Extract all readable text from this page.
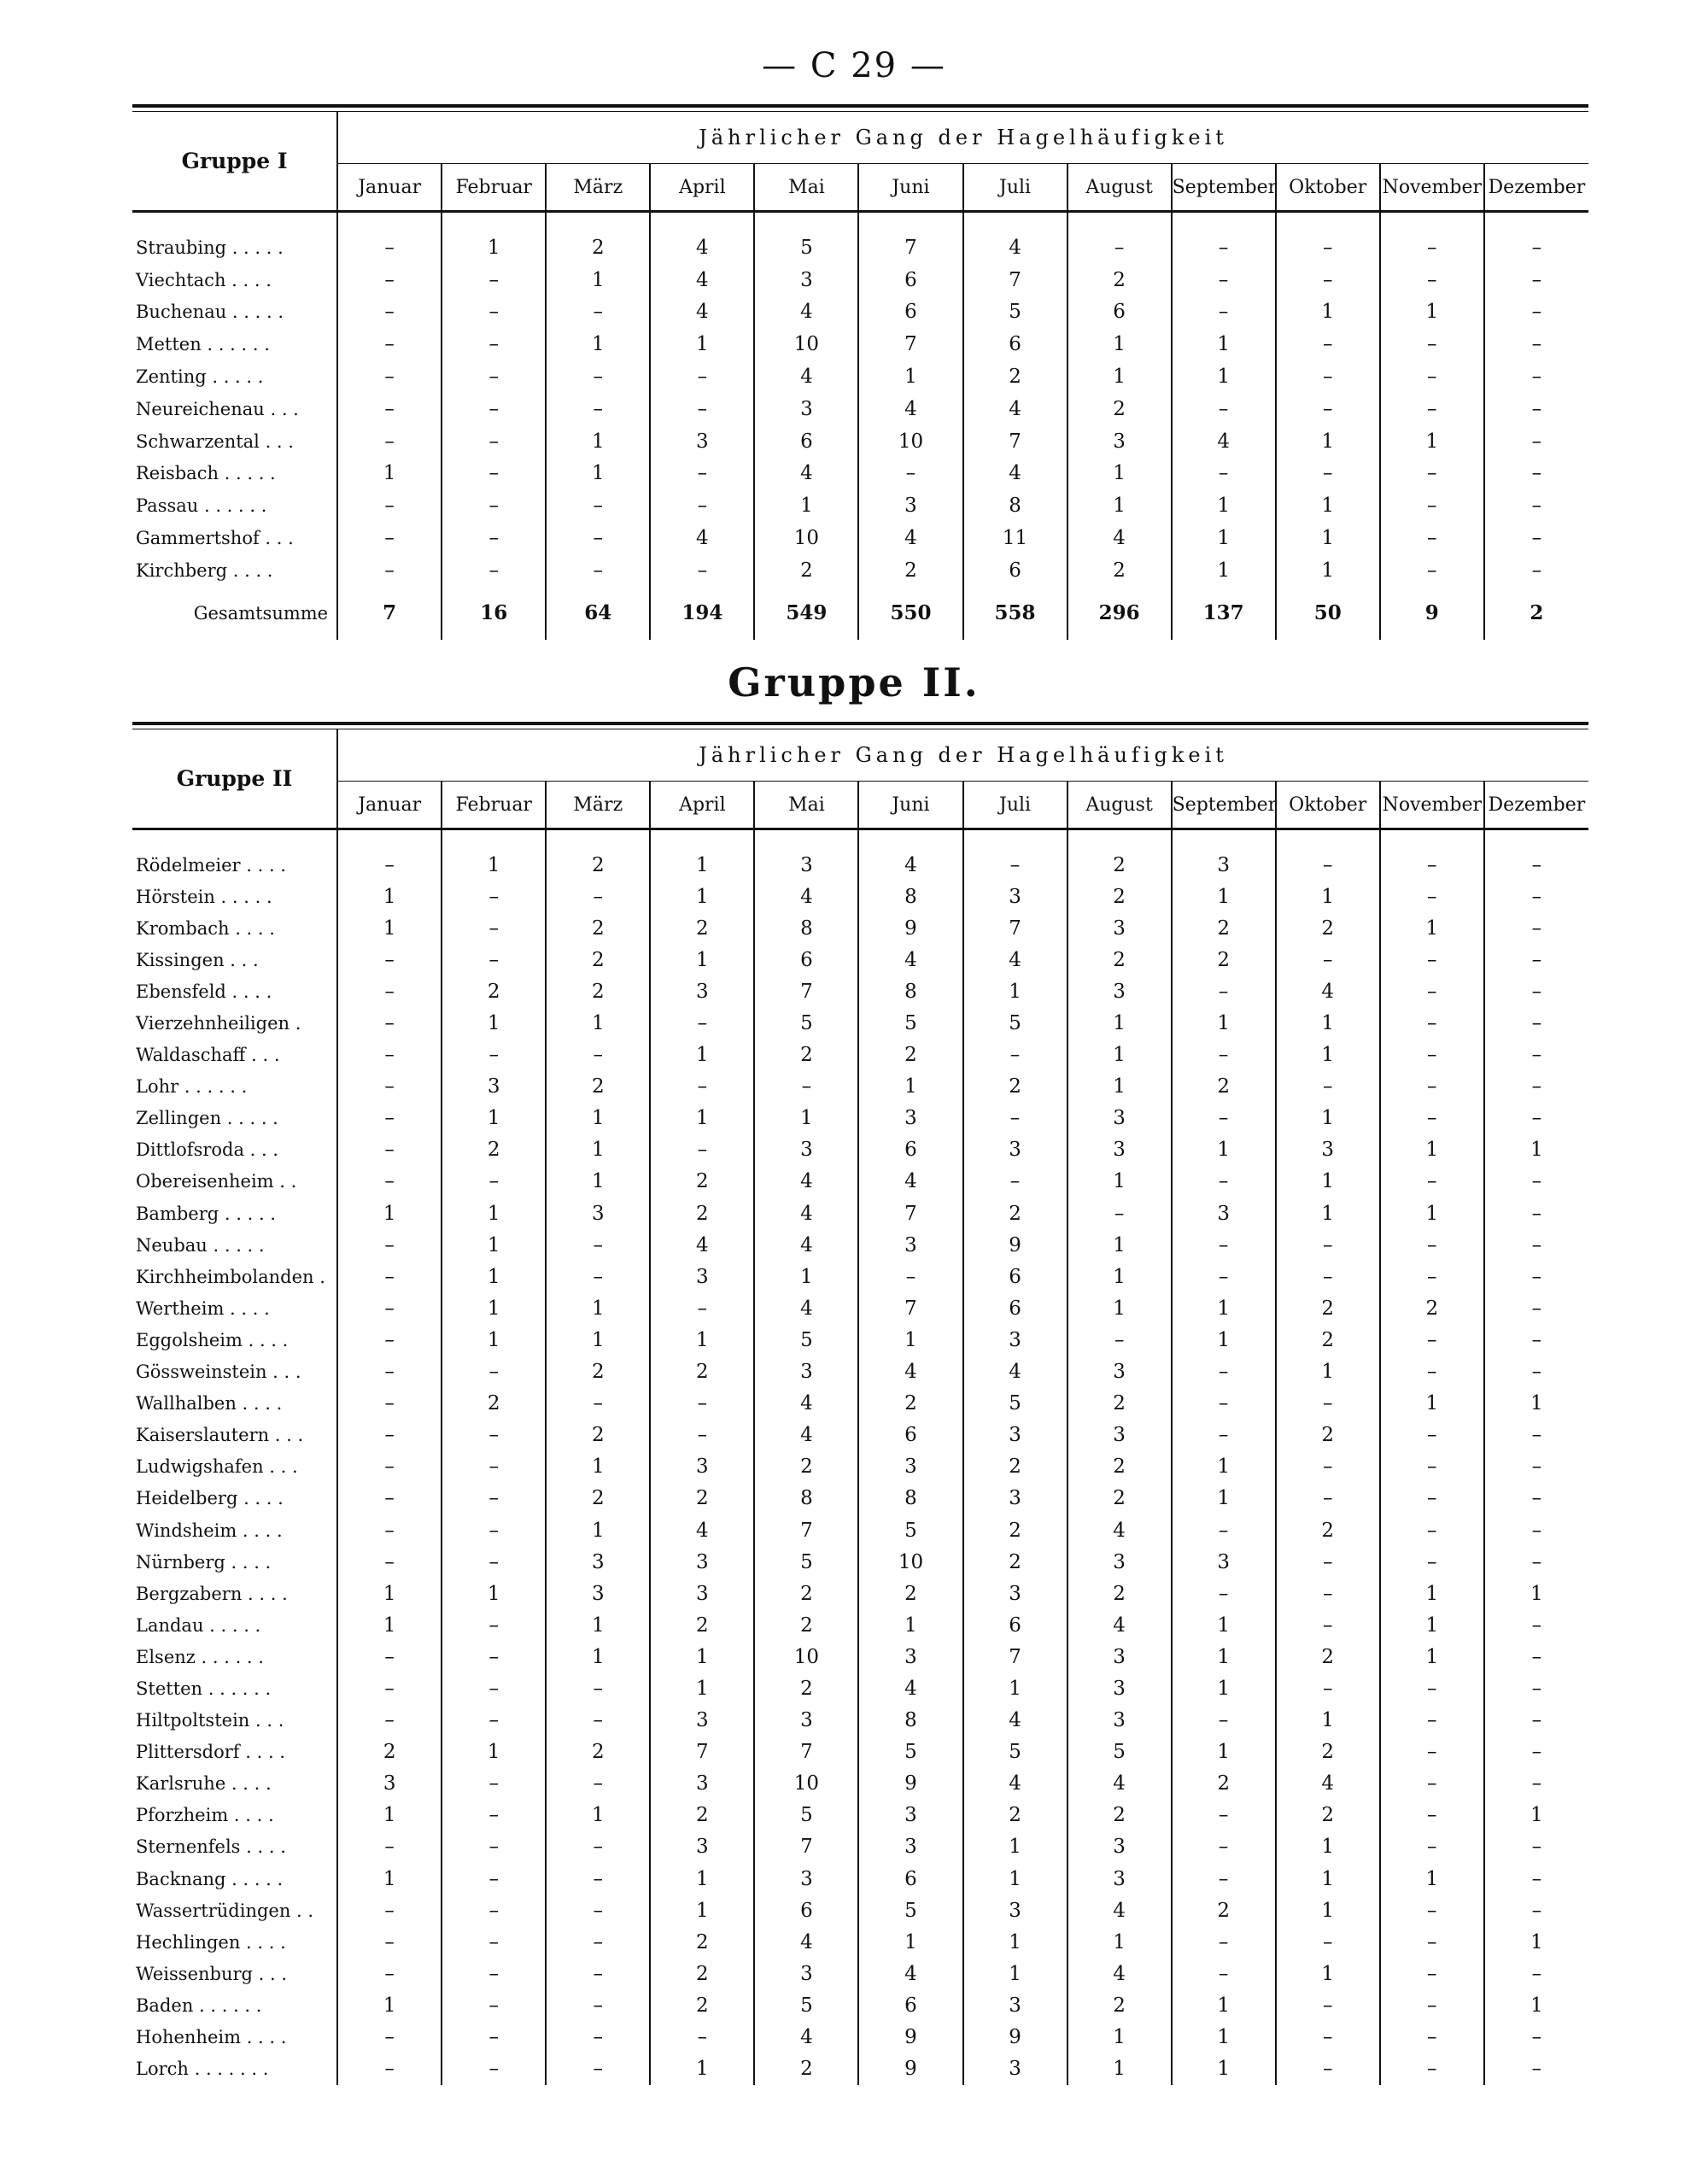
— C 29 —
Gruppe I	Jährlicher Gang der Hagelhäufigkeit											
	Januar	Februar	März	April	Mai	Juni	Juli	August	September	Oktober	November	Dezember

Straubing . . . . .	–	1	2	4	5	7	4	–	–	–	–	–
Viechtach . . . .	–	–	1	4	3	6	7	2	–	–	–	–
Buchenau . . . . .	–	–	–	4	4	6	5	6	–	1	1	–
Metten . . . . . .	–	–	1	1	10	7	6	1	1	–	–	–
Zenting . . . . .	–	–	–	–	4	1	2	1	1	–	–	–
Neureichenau . . .	–	–	–	–	3	4	4	2	–	–	–	–
Schwarzental . . .	–	–	1	3	6	10	7	3	4	1	1	–
Reisbach . . . . .	1	–	1	–	4	–	4	1	–	–	–	–
Passau . . . . . .	–	–	–	–	1	3	8	1	1	1	–	–
Gammertshof . . .	–	–	–	4	10	4	11	4	1	1	–	–
Kirchberg . . . .	–	–	–	–	2	2	6	2	1	1	–	–
Gesamtsumme	7	16	64	194	549	550	558	296	137	50	9	2
Gruppe II.
Gruppe II	Jährlicher Gang der Hagelhäufigkeit											
	Januar	Februar	März	April	Mai	Juni	Juli	August	September	Oktober	November	Dezember

Rödelmeier . . . .	–	1	2	1	3	4	–	2	3	–	–	–
Hörstein . . . . .	1	–	–	1	4	8	3	2	1	1	–	–
Krombach . . . .	1	–	2	2	8	9	7	3	2	2	1	–
Kissingen . . .	–	–	2	1	6	4	4	2	2	–	–	–
Ebensfeld . . . .	–	2	2	3	7	8	1	3	–	4	–	–
Vierzehnheiligen .	–	1	1	–	5	5	5	1	1	1	–	–
Waldaschaff . . .	–	–	–	1	2	2	–	1	–	1	–	–
Lohr . . . . . .	–	3	2	–	–	1	2	1	2	–	–	–
Zellingen . . . . .	–	1	1	1	1	3	–	3	–	1	–	–
Dittlofsroda . . .	–	2	1	–	3	6	3	3	1	3	1	1
Obereisenheim . .	–	–	1	2	4	4	–	1	–	1	–	–
Bamberg . . . . .	1	1	3	2	4	7	2	–	3	1	1	–
Neubau . . . . .	–	1	–	4	4	3	9	1	–	–	–	–
Kirchheimbolanden .	–	1	–	3	1	–	6	1	–	–	–	–
Wertheim . . . .	–	1	1	–	4	7	6	1	1	2	2	–
Eggolsheim . . . .	–	1	1	1	5	1	3	–	1	2	–	–
Gössweinstein . . .	–	–	2	2	3	4	4	3	–	1	–	–
Wallhalben . . . .	–	2	–	–	4	2	5	2	–	–	1	1
Kaiserslautern . . .	–	–	2	–	4	6	3	3	–	2	–	–
Ludwigshafen . . .	–	–	1	3	2	3	2	2	1	–	–	–
Heidelberg . . . .	–	–	2	2	8	8	3	2	1	–	–	–
Windsheim . . . .	–	–	1	4	7	5	2	4	–	2	–	–
Nürnberg . . . .	–	–	3	3	5	10	2	3	3	–	–	–
Bergzabern . . . .	1	1	3	3	2	2	3	2	–	–	1	1
Landau . . . . .	1	–	1	2	2	1	6	4	1	–	1	–
Elsenz . . . . . .	–	–	1	1	10	3	7	3	1	2	1	–
Stetten . . . . . .	–	–	–	1	2	4	1	3	1	–	–	–
Hiltpoltstein . . .	–	–	–	3	3	8	4	3	–	1	–	–
Plittersdorf . . . .	2	1	2	7	7	5	5	5	1	2	–	–
Karlsruhe . . . .	3	–	–	3	10	9	4	4	2	4	–	–
Pforzheim . . . .	1	–	1	2	5	3	2	2	–	2	–	1
Sternenfels . . . .	–	–	–	3	7	3	1	3	–	1	–	–
Backnang . . . . .	1	–	–	1	3	6	1	3	–	1	1	–
Wassertrüdingen . .	–	–	–	1	6	5	3	4	2	1	–	–
Hechlingen . . . .	–	–	–	2	4	1	1	1	–	–	–	1
Weissenburg . . .	–	–	–	2	3	4	1	4	–	1	–	–
Baden . . . . . .	1	–	–	2	5	6	3	2	1	–	–	1
Hohenheim . . . .	–	–	–	–	4	9	9	1	1	–	–	–
Lorch . . . . . . .	–	–	–	1	2	9	3	1	1	–	–	–
